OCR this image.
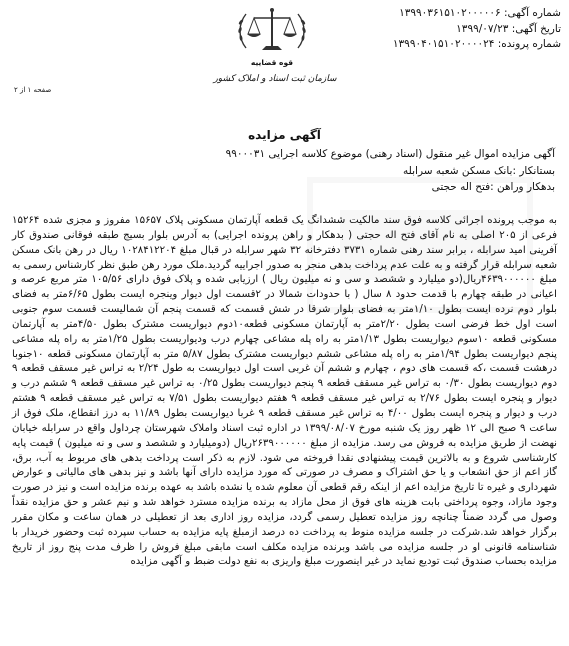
شماره آگهی: ۱۳۹۹۰۳۶۱۵۱۰۲۰۰۰۰۰۶
تاریخ آگهی: ۱۳۹۹/۰۷/۲۳
شماره پرونده: ۱۳۹۹۰۴۰۱۵۱۰۲۰۰۰۰۲۴
قوه قضاییه
سازمان ثبت اسناد و املاک کشور
صفحه ۱ از ۲
آگهی مزایده
آگهی مزایده اموال غیر منقول (اسناد رهنی) موضوع کلاسه اجرایی ۹۹۰۰۰۳۱
بستانکار :بانک مسکن شعبه سرابله
بدهکار وراهن :فتح اله حجتی
به موجب پرونده اجرائی کلاسه فوق سند مالکیت ششدانگ یک قطعه آپارتمان مسکونی پلاک ۱۵۶۵۷ مفروز و مجزی شده ۱۵۲۶۴ فرعی از ۲۰۵ اصلی به نام آقای فتح اله حجتی ( بدهکار و راهن پرونده اجرایی) به آدرس بلوار بسیج طبقه فوقانی صندوق کار آفرینی امید سرابله ، برابر سند رهنی شماره ۳۷۳۱ دفترخانه ۳۲ شهر سرابله در قبال مبلغ ۱۰۲۸۴۱۲۲۰۴ ریال در رهن بانک مسکن شعبه سرابله قرار گرفته و به علت عدم پرداخت بدهی منجر به صدور اجراییه گردید.ملک مورد رهن طبق نظر کارشناس رسمی به مبلغ ۴۶۳۹۰۰۰۰۰۰ریال(دو میلیارد و ششصد و سی و نه میلیون ریال ) ارزیابی شده و پلاک فوق دارای ۱۰۵/۵۶ متر مربع عرصه و اعیانی در طبقه چهارم با قدمت حدود ۸ سال ( با حدودات شمالا در ۲قسمت اول دیوار وینجره ایست بطول ۶/۶۵متر به فضای بلوار دوم نرده ایست بطول ۱/۱۰متر به فضای بلوار شرقا در شش قسمت که قسمت پنجم آن شمالیست قسمت سوم جنوبی است اول خط فرضی است بطول ۲/۲۰متر به آپارتمان مسکونی قطعه۱۰دوم دیواریست مشترک بطول ۴/۵۰متر به آپارتمان مسکونی قطعه ۱۰سوم دیواریست بطول ۱/۱۳متر به راه پله مشاعی چهارم درب ودیواریست بطول ۱/۲۵متر به راه پله مشاعی پنجم دیواریست بطول ۱/۹۴متر به راه پله مشاعی ششم دیواریست مشترک بطول ۵/۸۷ متر به آپارتمان مسکونی قطعه ۱۰جنوبا درهشت قسمت ،که قسمت های دوم ، چهارم و ششم آن غربی است اول دیواریست به طول ۲/۲۴ به تراس غیر مسقف قطعه ۹ دوم دیواریست بطول ۰/۳۰ به تراس غیر مسقف قطعه ۹ پنجم دیواریست بطول ۰/۲۵ به تراس غیر مسقف قطعه ۹ ششم درب و دیوار و پنجره ایست بطول ۲/۷۶ به تراس غیر مسقف قطعه ۹ هفتم دیواریست بطول ۷/۵۱ به تراس غیر مسقف قطعه ۹ هشتم درب و دیوار و پنجره ایست بطول ۴/۰۰ به تراس غیر مسقف قطعه ۹ غربا دیواریست بطول ۱۱/۸۹ به درز انقطاع، ملک فوق از ساعت ۹ صبح الی ۱۲ ظهر روز یک شنبه مورخ ۱۳۹۹/۰۸/۰۷ در اداره ثبت اسناد واملاک شهرستان چرداول واقع در سرابله خیابان نهضت از طریق مزایده به فروش می رسد. مزایده از مبلغ ۲۶۳۹۰۰۰۰۰۰ریال (دومیلیارد و ششصد و سی و نه میلیون ) قیمت پایه کارشناسی شروع و به بالاترین قیمت پیشنهادی نقدا فروخته می شود. لازم به ذکر است پرداخت بدهی های مربوط به آب، برق، گاز اعم از حق انشعاب و یا حق اشتراک و مصرف در صورتی که مورد مزایده دارای آنها باشد و نیز بدهی های مالیاتی و عوارض شهرداری و غیره تا تاریخ مزایده اعم از اینکه رقم قطعی آن معلوم شده یا نشده باشد به عهده برنده مزایده است و نیز در صورت وجود مازاد، وجوه پرداختی بابت هزینه های فوق از محل مازاد به برنده مزایده مسترد خواهد شد و نیم عشر و حق مزایده نقداً وصول می گردد ضمناً چنانچه روز مزایده تعطیل رسمی گردد، مزایده روز اداری بعد از تعطیلی در همان ساعت و مکان مقرر برگزار خواهد شد.شرکت در جلسه مزایده منوط به پرداخت ده درصد ازمبلغ پایه مزایده به حساب سپرده ثبت وحضور خریدار با شناسنامه قانونی او در جلسه مزایده می باشد وبرنده مزایده مکلف است مابقی مبلغ فروش را ظرف مدت پنج روز از تاریخ مزایده بحساب صندوق ثبت تودیع نماید در غیر اینصورت مبلغ واریزی به نفع دولت ضبط و آگهی مزایده
